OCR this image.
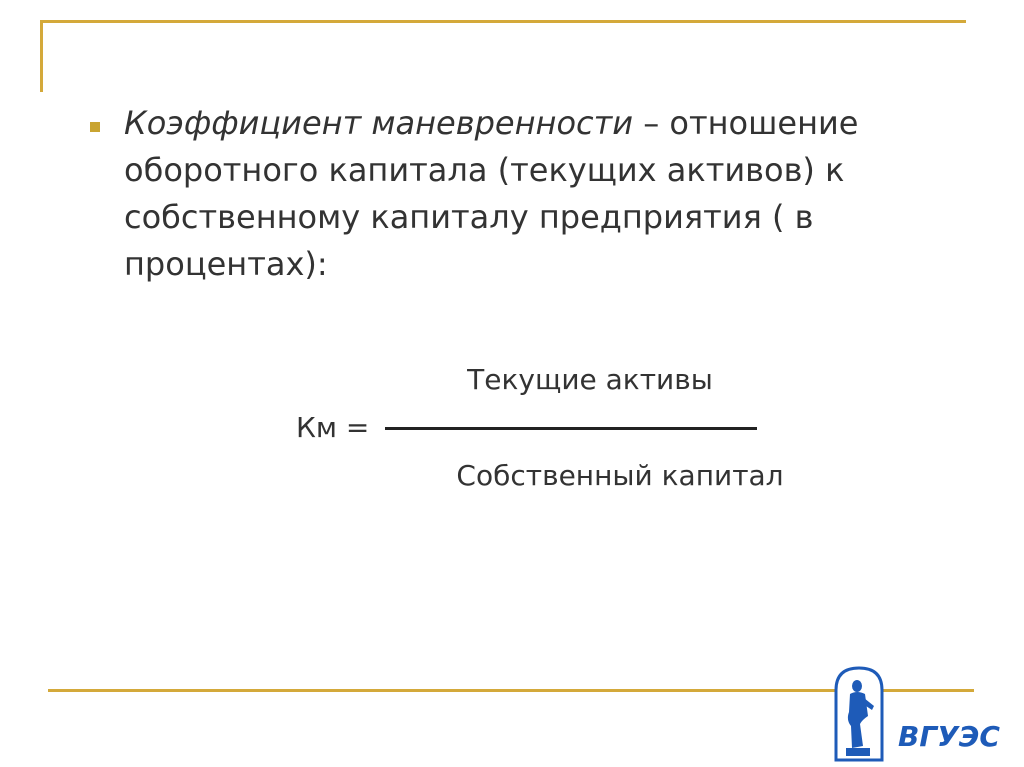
Коэффициент маневренности – отношение оборотного капитала (текущих активов) к собственному капиталу предприятия ( в процентах):
Текущие активы
Км =
Собственный капитал
ВГУЭС
